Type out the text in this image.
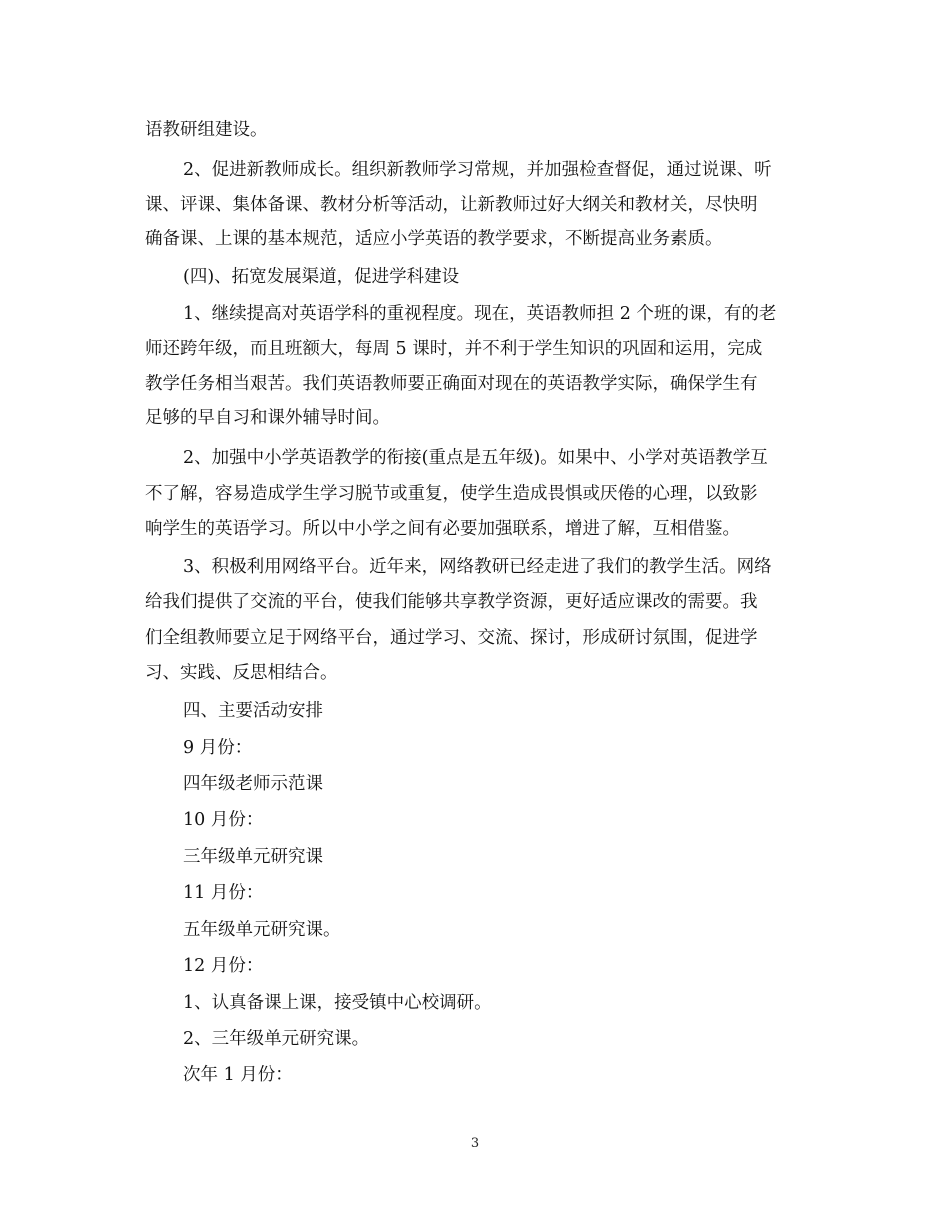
语教研组建设。

2、促进新教师成长。组织新教师学习常规，并加强检查督促，通过说课、听

课、评课、集体备课、教材分析等活动，让新教师过好大纲关和教材关，尽快明

确备课、上课的基本规范，适应小学英语的教学要求，不断提高业务素质。

(四)、拓宽发展渠道，促进学科建设

1、继续提高对英语学科的重视程度。现在，英语教师担 2 个班的课，有的老

师还跨年级，而且班额大，每周 5 课时，并不利于学生知识的巩固和运用，完成

教学任务相当艰苦。我们英语教师要正确面对现在的英语教学实际，确保学生有

足够的早自习和课外辅导时间。

2、加强中小学英语教学的衔接(重点是五年级)。如果中、小学对英语教学互

不了解，容易造成学生学习脱节或重复，使学生造成畏惧或厌倦的心理，以致影

响学生的英语学习。所以中小学之间有必要加强联系，增进了解，互相借鉴。

3、积极利用网络平台。近年来，网络教研已经走进了我们的教学生活。网络

给我们提供了交流的平台，使我们能够共享教学资源，更好适应课改的需要。我

们全组教师要立足于网络平台，通过学习、交流、探讨，形成研讨氛围，促进学

习、实践、反思相结合。

四、主要活动安排

9 月份：

四年级老师示范课

10 月份：

三年级单元研究课

11 月份：

五年级单元研究课。

12 月份：

1、认真备课上课，接受镇中心校调研。

2、三年级单元研究课。

次年 1 月份：

3
